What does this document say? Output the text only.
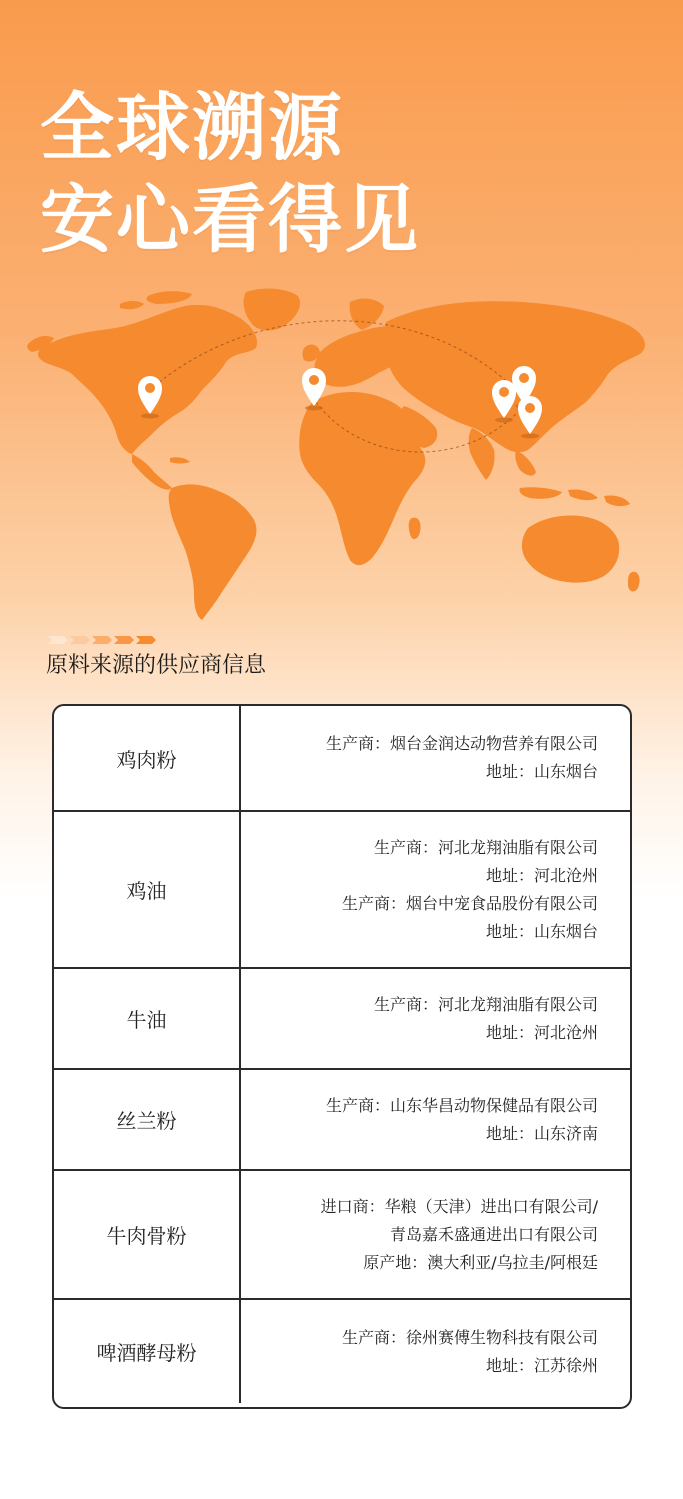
全球溯源
安心看得见
原料来源的供应商信息
鸡肉粉
生产商：烟台金润达动物营养有限公司
地址：山东烟台
鸡油
生产商：河北龙翔油脂有限公司
地址：河北沧州
生产商：烟台中宠食品股份有限公司
地址：山东烟台
牛油
生产商：河北龙翔油脂有限公司
地址：河北沧州
丝兰粉
生产商：山东华昌动物保健品有限公司
地址：山东济南
牛肉骨粉
进口商：华粮（天津）进出口有限公司/
青岛嘉禾盛通进出口有限公司
原产地：澳大利亚/乌拉圭/阿根廷
啤酒酵母粉
生产商：徐州赛傅生物科技有限公司
地址：江苏徐州
